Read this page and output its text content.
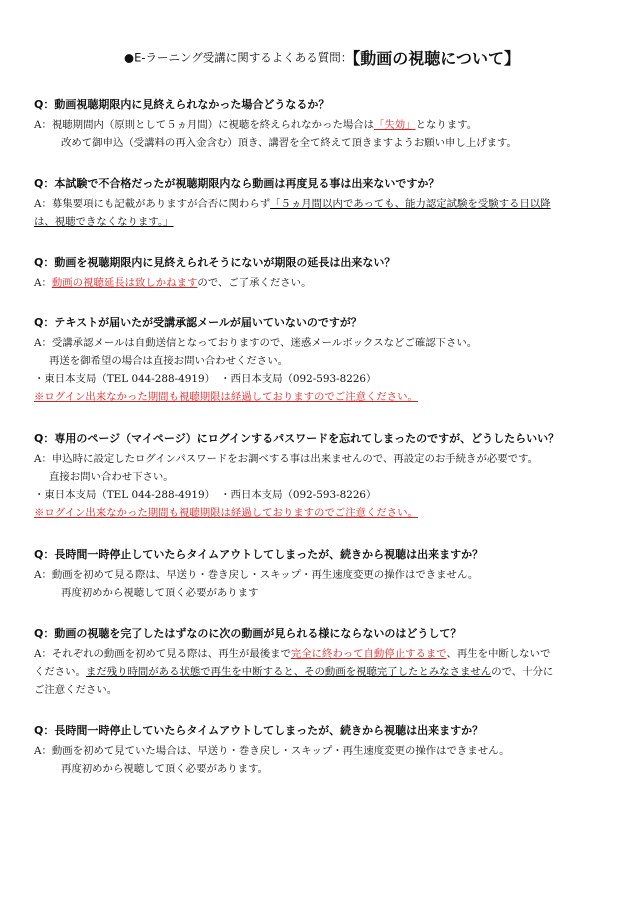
●E-ラーニング受講に関するよくある質問：【動画の視聴について】
Q：動画視聴期限内に見終えられなかった場合どうなるか？
A：視聴期間内（原則として５ヵ月間）に視聴を終えられなかった場合は「失効」となります。
改めて御申込（受講料の再入金含む）頂き、講習を全て終えて頂きますようお願い申し上げます。
Q：本試験で不合格だったが視聴期限内なら動画は再度見る事は出来ないですか？
A：募集要項にも記載がありますが合否に関わらず「５ヵ月間以内であっても、能力認定試験を受験する日以降
は、視聴できなくなります。」
Q：動画を視聴期限内に見終えられそうにないが期限の延長は出来ない？
A：動画の視聴延長は致しかねますので、ご了承ください。
Q：テキストが届いたが受講承認メールが届いていないのですが？
A：受講承認メールは自動送信となっておりますので、迷惑メールボックスなどご確認下さい。
再送を御希望の場合は直接お問い合わせください。
・東日本支局（TEL 044-288-4919）　 ・西日本支局（092-593-8226）
※ログイン出来なかった期間も視聴期限は経過しておりますのでご注意ください。
Q：専用のページ（マイページ）にログインするパスワードを忘れてしまったのですが、どうしたらいい？
A：申込時に設定したログインパスワードをお調べする事は出来ませんので、再設定のお手続きが必要です。
直接お問い合わせ下さい。
・東日本支局（TEL 044-288-4919）　 ・西日本支局（092-593-8226）
※ログイン出来なかった期間も視聴期限は経過しておりますのでご注意ください。
Q：長時間一時停止していたらタイムアウトしてしまったが、続きから視聴は出来ますか？
A：動画を初めて見る際は、早送り・巻き戻し・スキップ・再生速度変更の操作はできません。
再度初めから視聴して頂く必要があります
Q：動画の視聴を完了したはずなのに次の動画が見られる様にならないのはどうして？
A：それぞれの動画を初めて見る際は、再生が最後まで完全に終わって自動停止するまで、再生を中断しないで
ください。まだ残り時間がある状態で再生を中断すると、その動画を視聴完了したとみなさませんので、十分に
ご注意ください。
Q：長時間一時停止していたらタイムアウトしてしまったが、続きから視聴は出来ますか？
A：動画を初めて見ていた場合は、早送り・巻き戻し・スキップ・再生速度変更の操作はできません。
再度初めから視聴して頂く必要があります。
